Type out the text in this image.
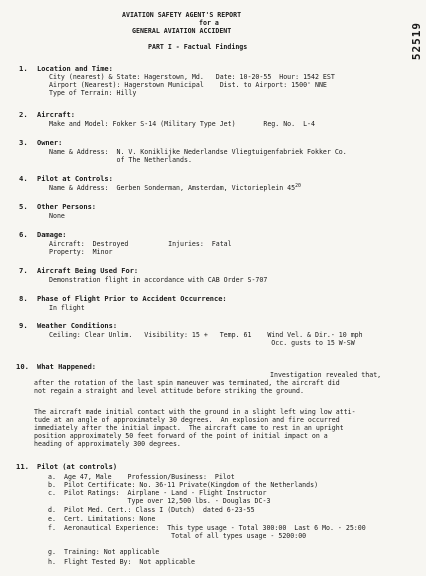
52519
AVIATION SAFETY AGENT'S REPORT
for a
GENERAL AVIATION ACCIDENT
PART I - Factual Findings
1. Location and Time:
City (nearest) & State: Hagerstown, Md.   Date: 10-20-55  Hour: 1542 EST
Airport (Nearest): Hagerstown Municipal    Dist. to Airport: 1500' NNE
Type of Terrain: Hilly
2. Aircraft:
Make and Model: Fokker S-14 (Military Type Jet)       Reg. No.  L-4
3. Owner:
Name & Address:  N. V. Koniklijke Nederlandse Vliegtuigenfabriek Fokker Co.
of The Netherlands.
4. Pilot at Controls:
Name & Address:  Gerben Sonderman, Amsterdam, Victorieplein $45^{20}$
5. Other Persons:
None
6. Damage:
Aircraft:  Destroyed          Injuries:  Fatal
Property:  Minor
7. Aircraft Being Used For:
Demonstration flight in accordance with CAB Order S-707
8. Phase of Flight Prior to Accident Occurrence:
In flight
9. Weather Conditions:
Ceiling: Clear Unlim.   Visibility: 15 +   Temp. 61    Wind Vel. & Dir.- 10 mph
Occ. gusts to 15 W-SW
10. What Happened:
Investigation revealed that,
after the rotation of the last spin maneuver was terminated, the aircraft did
not regain a straight and level attitude before striking the ground.
The aircraft made initial contact with the ground in a slight left wing low atti-
tude at an angle of approximately 30 degrees.  An explosion and fire occurred
immediately after the initial impact.  The aircraft came to rest in an upright
position approximately 50 feet forward of the point of initial impact on a
heading of approximately 300 degrees.
11. Pilot (at controls)
a. Age 47, Male    Profession/Business:  Pilot
b. Pilot Certificate: No. 36-11 Private(Kingdom of the Netherlands)
c. Pilot Ratings:  Airplane - Land - Flight Instructor
Type over 12,500 lbs. - Douglas DC-3
d. Pilot Med. Cert.: Class I (Dutch)  dated 6-23-55
e. Cert. Limitations: None
f. Aeronautical Experience:  This type usage - Total 300:00  Last 6 Mo. - 25:00
Total of all types usage - 5200:00
g. Training: Not applicable
h. Flight Tested By:  Not applicable
